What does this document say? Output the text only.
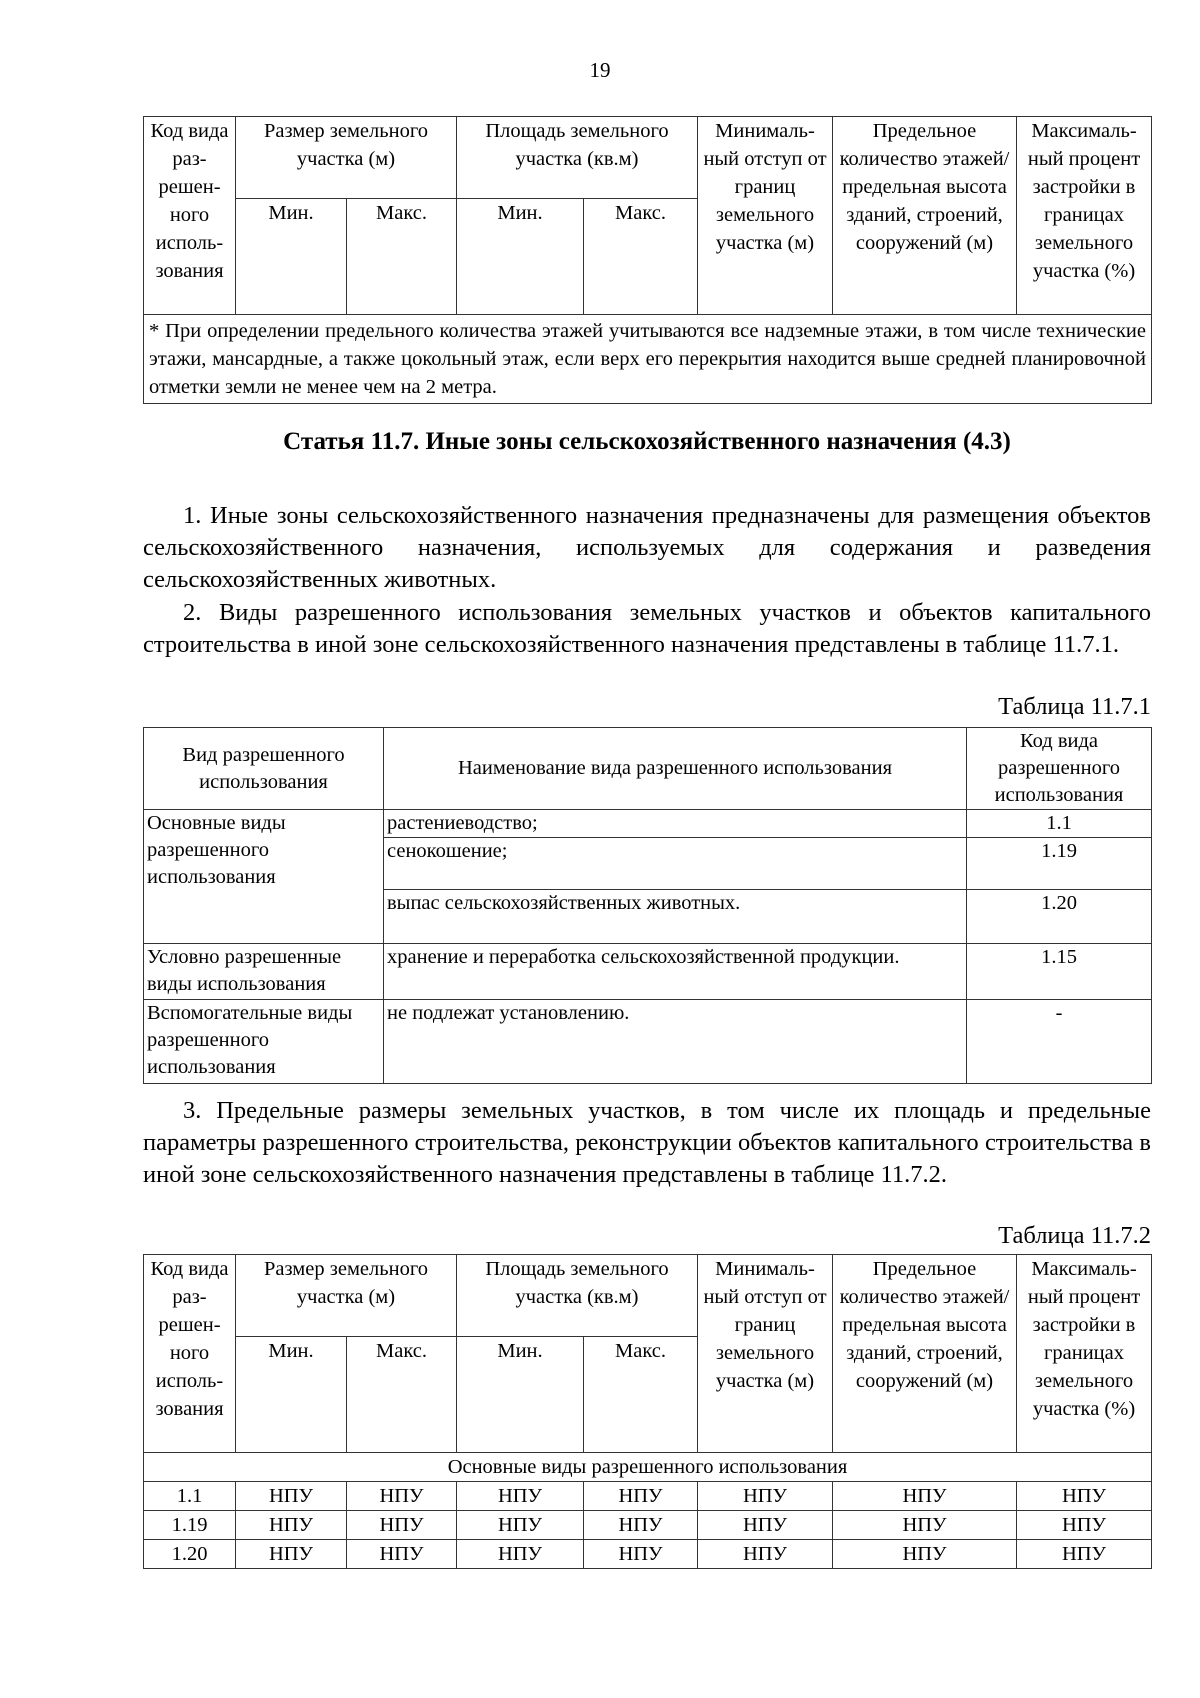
19
Код вида раз-решен-ного исполь-зования	Размер земельного участка (м)		Площадь земельного участка (кв.м)		Минималь-ный отступ от границ земельного участка (м)	Предельное количество этажей/ предельная высота зданий, строений, сооружений (м)	Максималь-ный процент застройки в границах земельного участка (%)
	Мин.	Макс.	Мин.	Макс.			
* При определении предельного количества этажей учитываются все надземные этажи, в том числе технические этажи, мансардные, а также цокольный этаж, если верх его перекрытия находится выше средней планировочной отметки земли не менее чем на 2 метра.							
Статья 11.7. Иные зоны сельскохозяйственного назначения (4.3)
1. Иные зоны сельскохозяйственного назначения предназначены для размещения объектов сельскохозяйственного назначения, используемых для содержания и разведения сельскохозяйственных животных.
2. Виды разрешенного использования земельных участков и объектов капитального строительства в иной зоне сельскохозяйственного назначения представлены в таблице 11.7.1.
Таблица 11.7.1
Вид разрешенного использования	Наименование вида разрешенного использования	Код вида разрешенного использования
Основные виды разрешенного использования	растениеводство;	1.1
	сенокошение;	1.19
	выпас сельскохозяйственных животных.	1.20
Условно разрешенные виды использования	хранение и переработка сельскохозяйственной продукции.	1.15
Вспомогательные виды разрешенного использования	не подлежат установлению.	-
3. Предельные размеры земельных участков, в том числе их площадь и предельные параметры разрешенного строительства, реконструкции объектов капитального строительства в иной зоне сельскохозяйственного назначения представлены в таблице 11.7.2.
Таблица 11.7.2
Код вида раз-решен-ного исполь-зования	Размер земельного участка (м)		Площадь земельного участка (кв.м)		Минималь-ный отступ от границ земельного участка (м)	Предельное количество этажей/ предельная высота зданий, строений, сооружений (м)	Максималь-ный процент застройки в границах земельного участка (%)
	Мин.	Макс.	Мин.	Макс.			
Основные виды разрешенного использования							
1.1	НПУ	НПУ	НПУ	НПУ	НПУ	НПУ	НПУ
1.19	НПУ	НПУ	НПУ	НПУ	НПУ	НПУ	НПУ
1.20	НПУ	НПУ	НПУ	НПУ	НПУ	НПУ	НПУ
